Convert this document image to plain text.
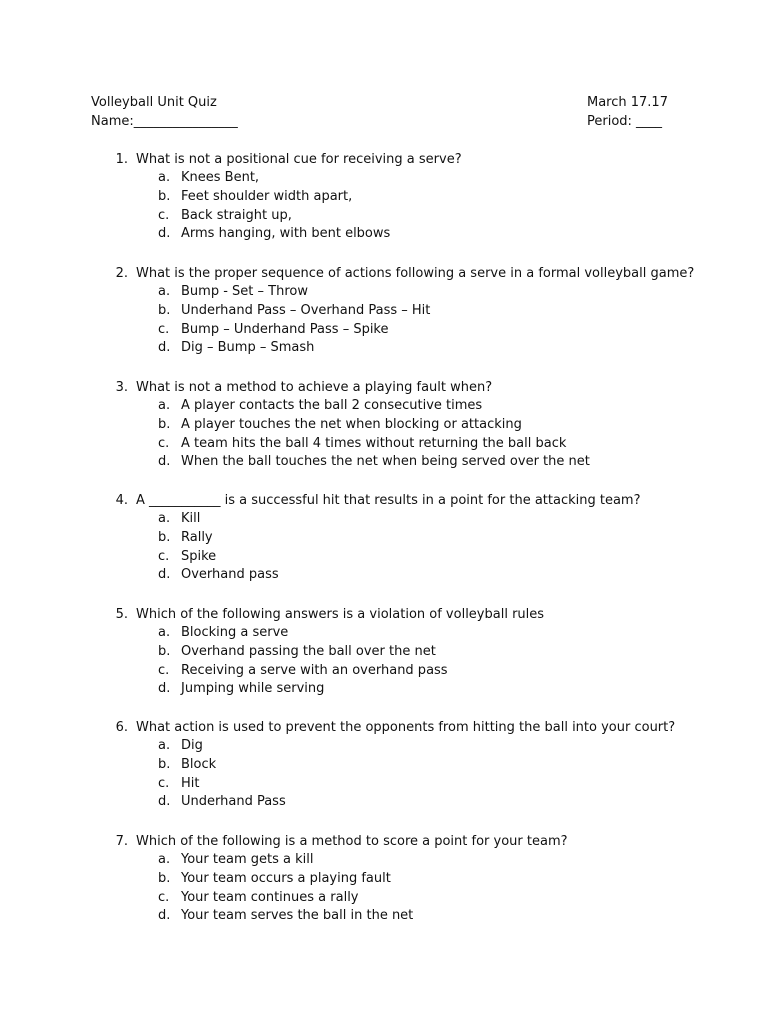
Volleyball Unit Quiz
Name:________________
March 17.17
Period: ____
1. What is not a positional cue for receiving a serve?
a. Knees Bent,
b. Feet shoulder width apart,
c. Back straight up,
d. Arms hanging, with bent elbows
2. What is the proper sequence of actions following a serve in a formal volleyball game?
a. Bump - Set – Throw
b. Underhand Pass – Overhand Pass – Hit
c. Bump – Underhand Pass – Spike
d. Dig – Bump – Smash
3. What is not a method to achieve a playing fault when?
a. A player contacts the ball 2 consecutive times
b. A player touches the net when blocking or attacking
c. A team hits the ball 4 times without returning the ball back
d. When the ball touches the net when being served over the net
4. A ___________ is a successful hit that results in a point for the attacking team?
a. Kill
b. Rally
c. Spike
d. Overhand pass
5. Which of the following answers is a violation of volleyball rules
a. Blocking a serve
b. Overhand passing the ball over the net
c. Receiving a serve with an overhand pass
d. Jumping while serving
6. What action is used to prevent the opponents from hitting the ball into your court?
a. Dig
b. Block
c. Hit
d. Underhand Pass
7. Which of the following is a method to score a point for your team?
a. Your team gets a kill
b. Your team occurs a playing fault
c. Your team continues a rally
d. Your team serves the ball in the net
